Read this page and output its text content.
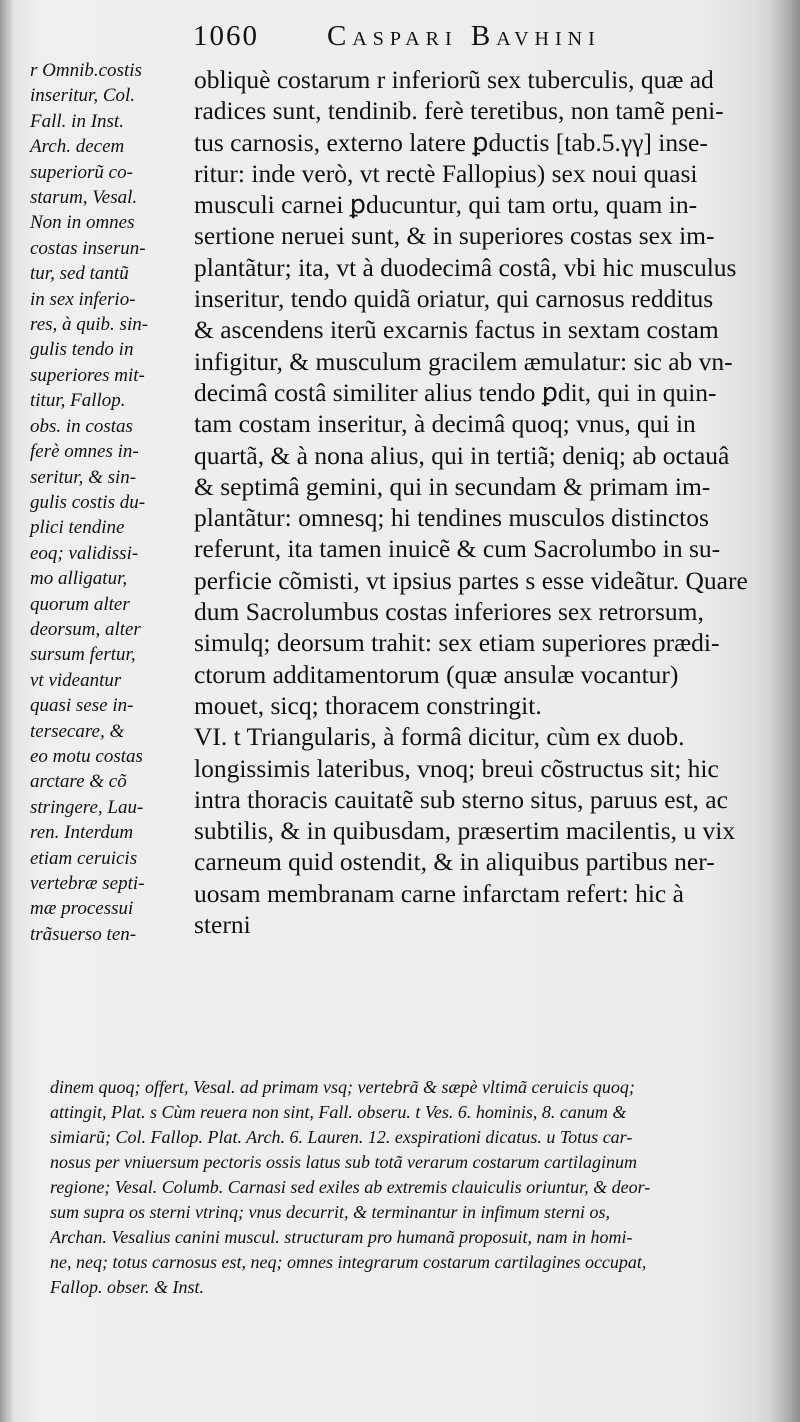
1060 Caspari Bavhini
r Omnib.costis
inseritur, Col.
Fall. in Inst.
Arch. decem
superiorũ co-
starum, Vesal.
Non in omnes
costas inserun-
tur, sed tantũ
in sex inferio-
res, à quib. sin-
gulis tendo in
superiores mit-
titur, Fallop.
obs. in costas
ferè omnes in-
seritur, & sin-
gulis costis du-
plici tendine
eoq; validissi-
mo alligatur,
quorum alter
deorsum, alter
sursum fertur,
vt videantur
quasi sese in-
tersecare, &
eo motu costas
arctare & cõ
stringere, Lau-
ren. Interdum
etiam ceruicis
vertebræ septi-
mæ processui
trãsuerso ten-
obliquè costarum r inferiorũ sex tuberculis, quæ ad
radices sunt, tendinib. ferè teretibus, non tamẽ peni-
tus carnosis, externo latere ꝑductis [tab.5.γγ] inse-
ritur: inde verò, vt rectè Fallopius) sex noui quasi
musculi carnei ꝑducuntur, qui tam ortu, quam in-
sertione neruei sunt, & in superiores costas sex im-
plantãtur; ita, vt à duodecimâ costâ, vbi hic musculus
inseritur, tendo quidã oriatur, qui carnosus redditus
& ascendens iterũ excarnis factus in sextam costam
infigitur, & musculum gracilem æmulatur: sic ab vn-
decimâ costâ similiter alius tendo ꝑdit, qui in quin-
tam costam inseritur, à decimâ quoq; vnus, qui in
quartã, & à nona alius, qui in tertiã; deniq; ab octauâ
& septimâ gemini, qui in secundam & primam im-
plantãtur: omnesq; hi tendines musculos distinctos
referunt, ita tamen inuicẽ & cum Sacrolumbo in su-
perficie cõmisti, vt ipsius partes s esse videãtur. Quare
dum Sacrolumbus costas inferiores sex retrorsum,
simulq; deorsum trahit: sex etiam superiores prædi-
ctorum additamentorum (quæ ansulæ vocantur)
mouet, sicq; thoracem constringit.
VI. t Triangularis, à formâ dicitur, cùm ex duob.
longissimis lateribus, vnoq; breui cõstructus sit; hic
intra thoracis cauitatẽ sub sterno situs, paruus est, ac
subtilis, & in quibusdam, præsertim macilentis, u vix
carneum quid ostendit, & in aliquibus partibus ner-
uosam membranam carne infarctam refert: hic à
sterni
dinem quoq; offert, Vesal. ad primam vsq; vertebrã & sæpè vltimã ceruicis quoq;
attingit, Plat. s Cùm reuera non sint, Fall. obseru. t Ves. 6. hominis, 8. canum &
simiarũ; Col. Fallop. Plat. Arch. 6. Lauren. 12. exspirationi dicatus. u Totus car-
nosus per vniuersum pectoris ossis latus sub totã verarum costarum cartilaginum
regione; Vesal. Columb. Carnasi sed exiles ab extremis clauiculis oriuntur, & deor-
sum supra os sterni vtrinq; vnus decurrit, & terminantur in infimum sterni os,
Archan. Vesalius canini muscul. structuram pro humanã proposuit, nam in homi-
ne, neq; totus carnosus est, neq; omnes integrarum costarum cartilagines occupat,
Fallop. obser. & Inst.
